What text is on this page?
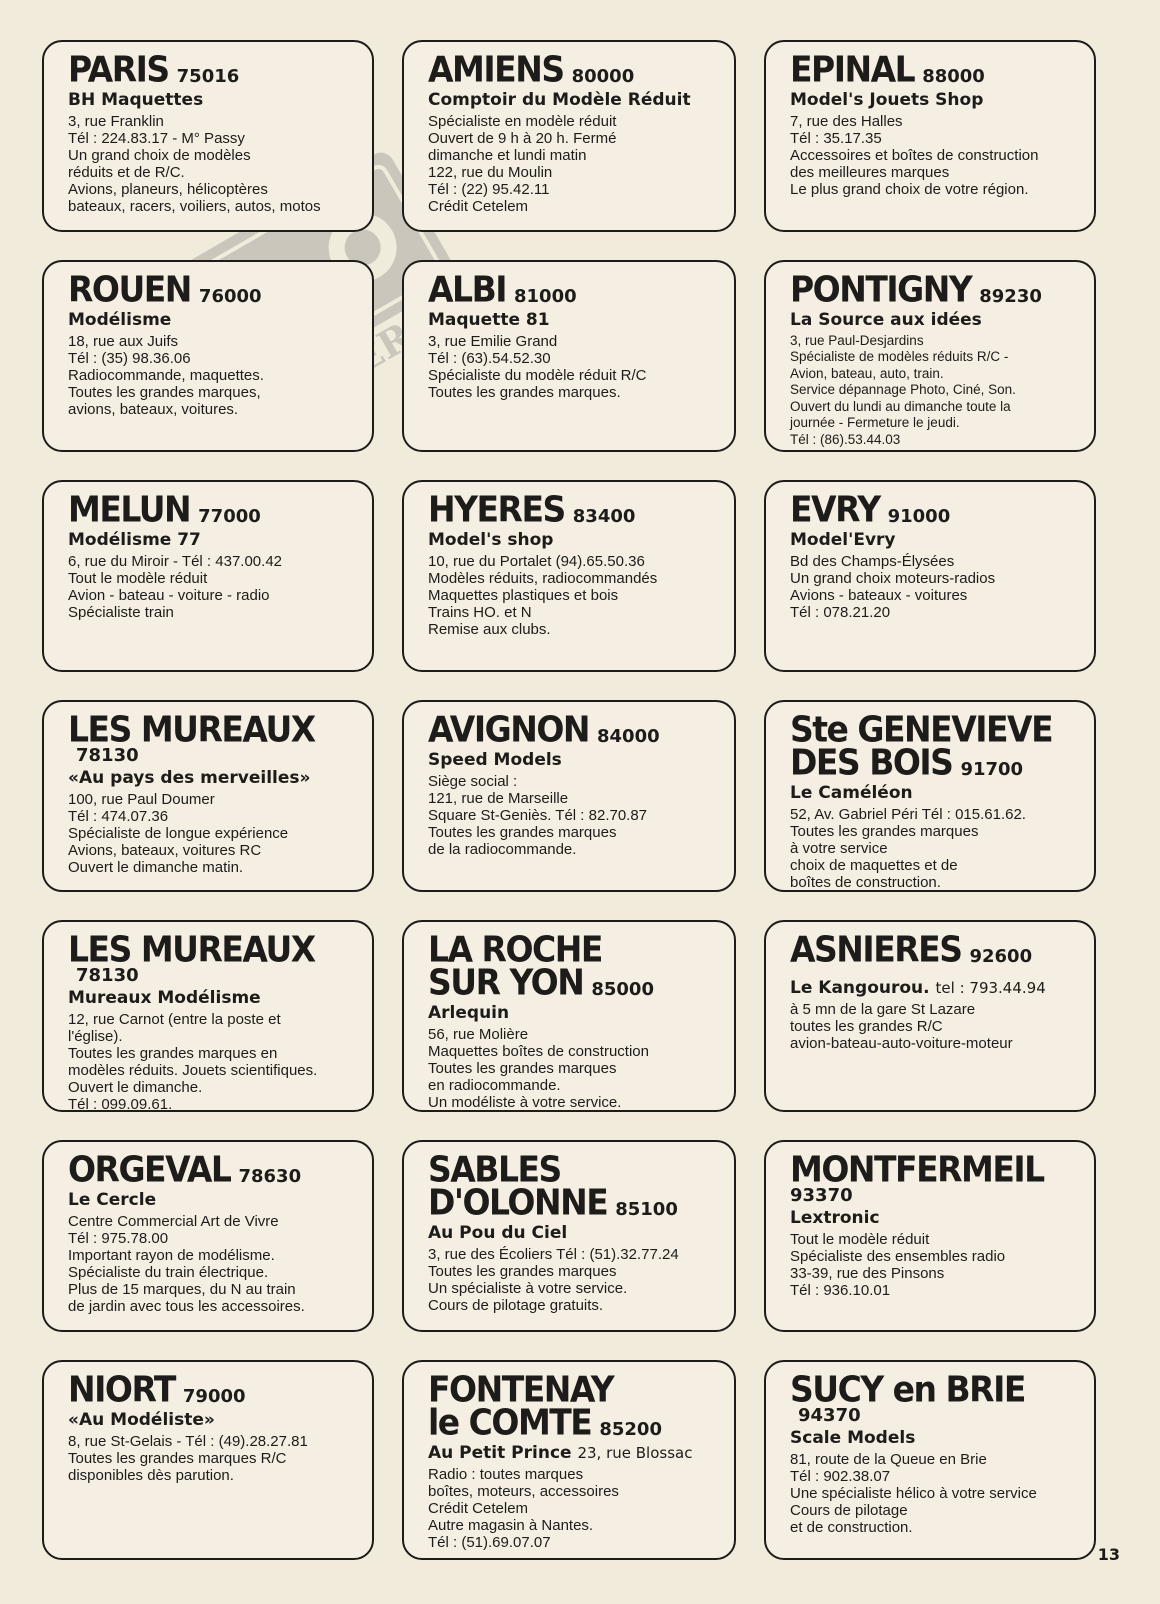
PARIS 75016
BH Maquettes
3, rue Franklin
Tél : 224.83.17 - M° Passy
Un grand choix de modèles
réduits et de R/C.
Avions, planeurs, hélicoptères
bateaux, racers, voiliers, autos, motos
AMIENS 80000
Comptoir du Modèle Réduit
Spécialiste en modèle réduit
Ouvert de 9 h à 20 h. Fermé
dimanche et lundi matin
122, rue du Moulin
Tél : (22) 95.42.11
Crédit Cetelem
EPINAL 88000
Model's Jouets Shop
7, rue des Halles
Tél : 35.17.35
Accessoires et boîtes de construction
des meilleures marques
Le plus grand choix de votre région.
ROUEN 76000
Modélisme
18, rue aux Juifs
Tél : (35) 98.36.06
Radiocommande, maquettes.
Toutes les grandes marques,
avions, bateaux, voitures.
ALBI 81000
Maquette 81
3, rue Emilie Grand
Tél : (63).54.52.30
Spécialiste du modèle réduit R/C
Toutes les grandes marques.
PONTIGNY 89230
La Source aux idées
3, rue Paul-Desjardins
Spécialiste de modèles réduits R/C -
Avion, bateau, auto, train.
Service dépannage Photo, Ciné, Son.
Ouvert du lundi au dimanche toute la
journée - Fermeture le jeudi.
Tél : (86).53.44.03
MELUN 77000
Modélisme 77
6, rue du Miroir - Tél : 437.00.42
Tout le modèle réduit
Avion - bateau - voiture - radio
Spécialiste train
HYERES 83400
Model's shop
10, rue du Portalet (94).65.50.36
Modèles réduits, radiocommandés
Maquettes plastiques et bois
Trains HO. et N
Remise aux clubs.
EVRY 91000
Model'Evry
Bd des Champs-Élysées
Un grand choix moteurs-radios
Avions - bateaux - voitures
Tél : 078.21.20
LES MUREAUX
78130
«Au pays des merveilles»
100, rue Paul Doumer
Tél : 474.07.36
Spécialiste de longue expérience
Avions, bateaux, voitures RC
Ouvert le dimanche matin.
AVIGNON 84000
Speed Models
Siège social :
121, rue de Marseille
Square St-Geniès. Tél : 82.70.87
Toutes les grandes marques
de la radiocommande.
Ste GENEVIEVE
DES BOIS 91700
Le Caméléon
52, Av. Gabriel Péri Tél : 015.61.62.
Toutes les grandes marques
à votre service
choix de maquettes et de
boîtes de construction.
LES MUREAUX
78130
Mureaux Modélisme
12, rue Carnot (entre la poste et
l'église).
Toutes les grandes marques en
modèles réduits. Jouets scientifiques.
Ouvert le dimanche.
Tél : 099.09.61.
LA ROCHE
SUR YON 85000
Arlequin
56, rue Molière
Maquettes boîtes de construction
Toutes les grandes marques
en radiocommande.
Un modéliste à votre service.
ASNIERES 92600
Le Kangourou. tel : 793.44.94
à 5 mn de la gare St Lazare
toutes les grandes R/C
avion-bateau-auto-voiture-moteur
ORGEVAL 78630
Le Cercle
Centre Commercial Art de Vivre
Tél : 975.78.00
Important rayon de modélisme.
Spécialiste du train électrique.
Plus de 15 marques, du N au train
de jardin avec tous les accessoires.
SABLES
D'OLONNE 85100
Au Pou du Ciel
3, rue des Écoliers Tél : (51).32.77.24
Toutes les grandes marques
Un spécialiste à votre service.
Cours de pilotage gratuits.
MONTFERMEIL
93370
Lextronic
Tout le modèle réduit
Spécialiste des ensembles radio
33-39, rue des Pinsons
Tél : 936.10.01
NIORT 79000
«Au Modéliste»
8, rue St-Gelais - Tél : (49).28.27.81
Toutes les grandes marques R/C
disponibles dès parution.
FONTENAY
le COMTE 85200
Au Petit Prince 23, rue Blossac
Radio : toutes marques
boîtes, moteurs, accessoires
Crédit Cetelem
Autre magasin à Nantes.
Tél : (51).69.07.07
SUCY en BRIE
94370
Scale Models
81, route de la Queue en Brie
Tél : 902.38.07
Une spécialiste hélico à votre service
Cours de pilotage
et de construction.
13
